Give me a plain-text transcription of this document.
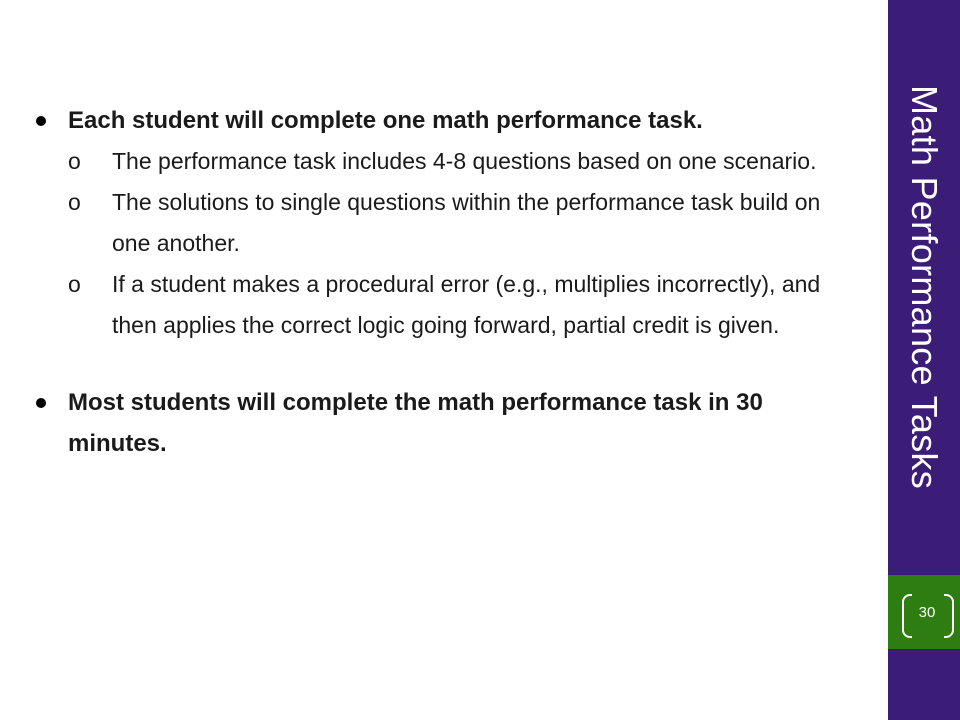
Each student will complete one math performance task.
o The performance task includes 4-8 questions based on one scenario.
o The solutions to single questions within the performance task build on one another.
o If a student makes a procedural error (e.g., multiplies incorrectly), and then applies the correct logic going forward, partial credit is given.
Most students will complete the math performance task in 30 minutes.	Math Performance Tasks
30
